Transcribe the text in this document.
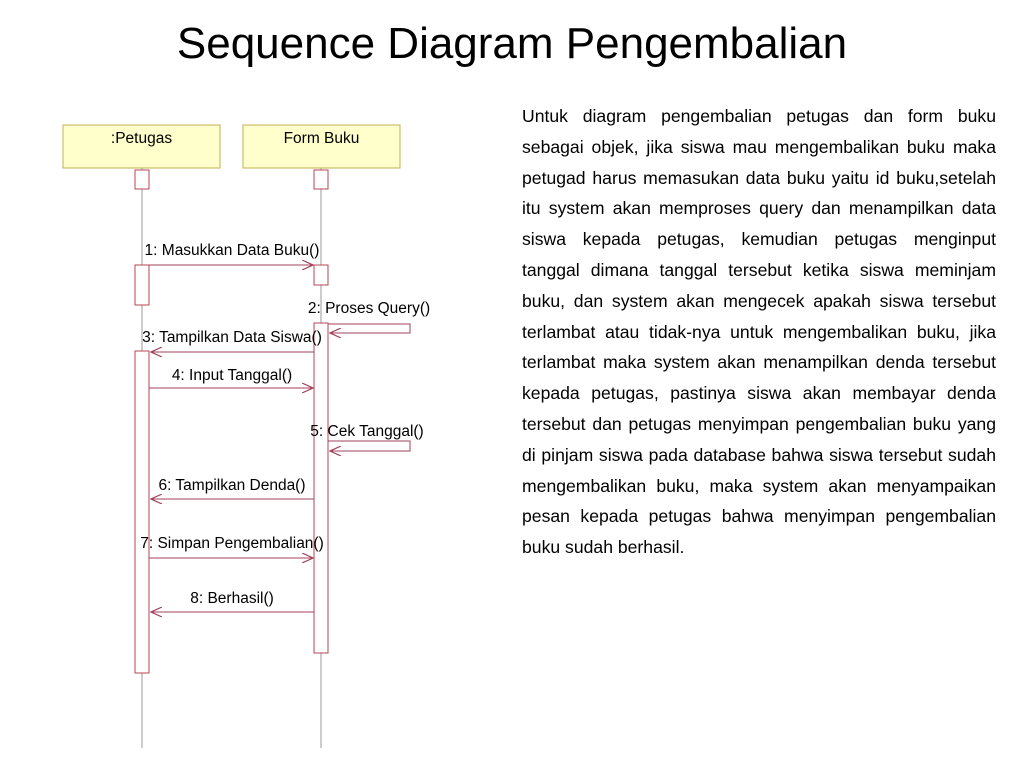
Sequence Diagram Pengembalian
:Petugas	Form Buku
1: Masukkan Data Buku()
2: Proses Query()
3: Tampilkan Data Siswa()
4: Input Tanggal()
5: Cek Tanggal()
6: Tampilkan Denda()
7: Simpan Pengembalian()
8: Berhasil()

Untuk diagram pengembalian petugas dan form buku sebagai objek, jika siswa mau mengembalikan buku maka petugad harus memasukan data buku yaitu id buku,setelah itu system akan memproses query dan menampilkan data siswa kepada petugas, kemudian petugas menginput tanggal dimana tanggal tersebut ketika siswa meminjam buku, dan system akan mengecek apakah siswa tersebut terlambat atau tidak-nya untuk mengembalikan buku, jika terlambat maka system akan menampilkan denda tersebut kepada petugas, pastinya siswa akan membayar denda tersebut dan petugas menyimpan pengembalian buku yang di pinjam siswa pada database bahwa siswa tersebut sudah mengembalikan buku, maka system akan menyampaikan pesan kepada petugas bahwa menyimpan pengembalian buku sudah berhasil.
